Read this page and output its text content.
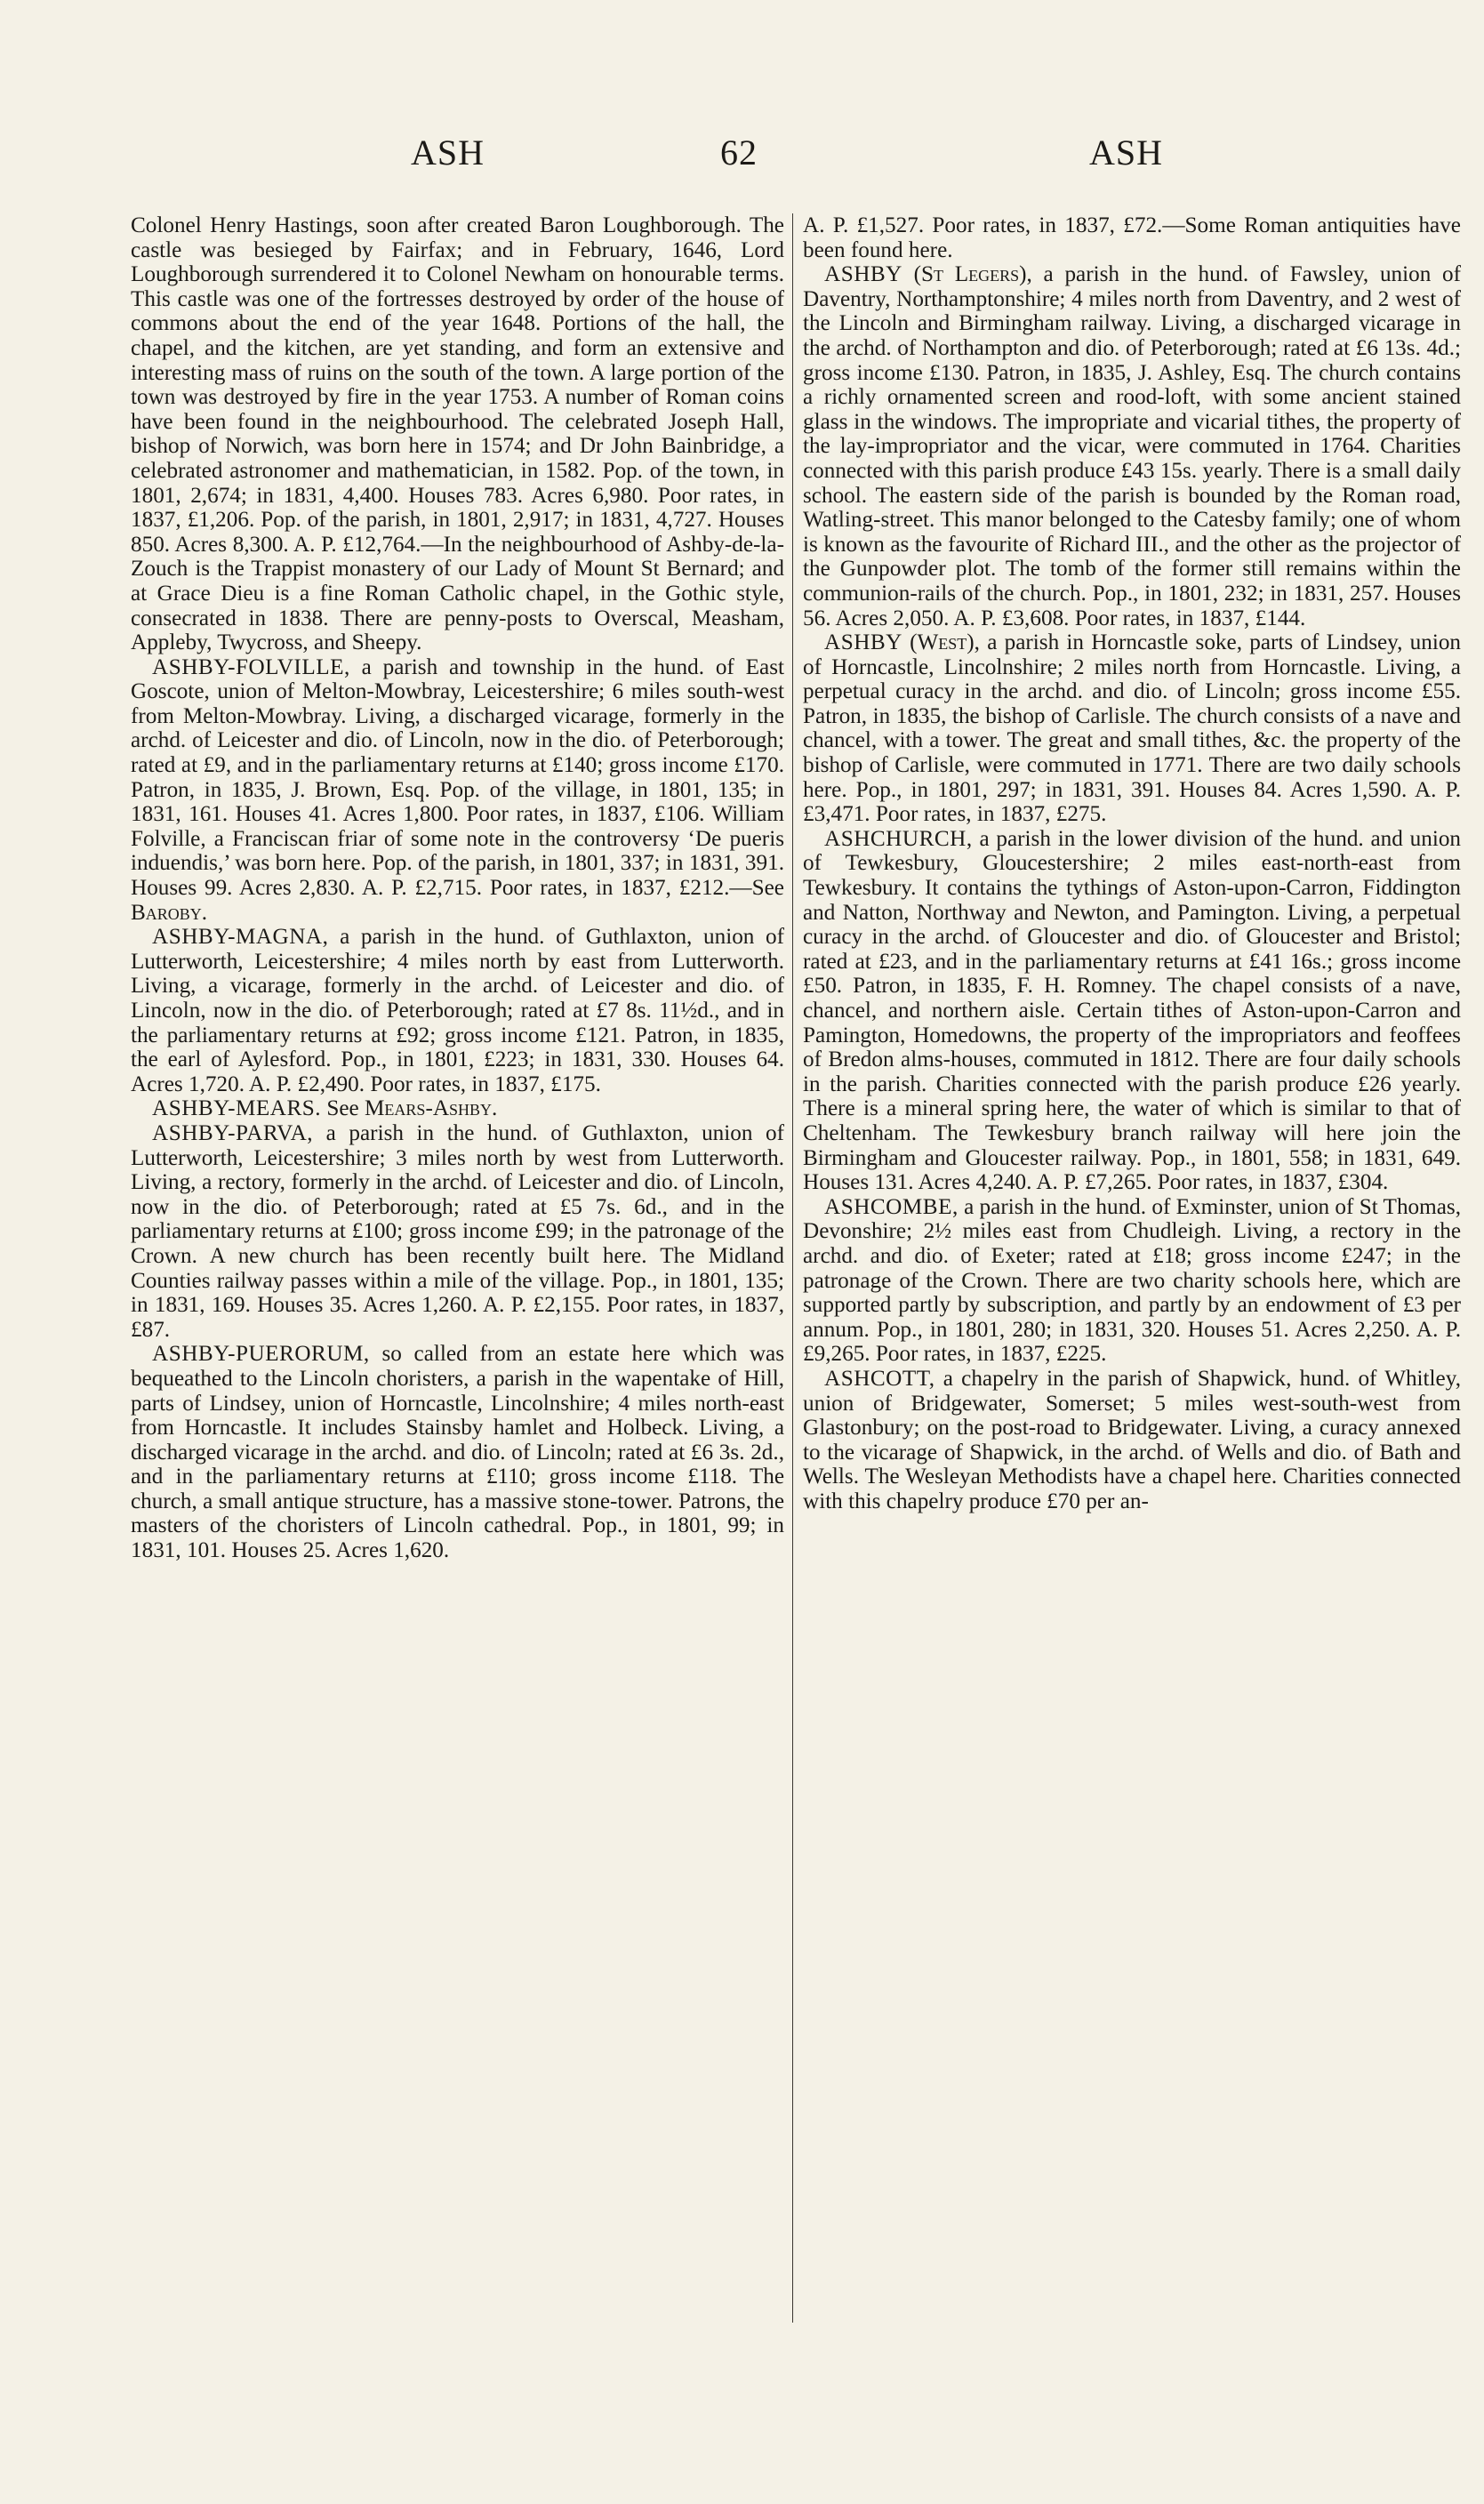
ASH	62	ASH

Colonel Henry Hastings, soon after created Baron Loughborough. The castle was besieged by Fairfax; and in February, 1646, Lord Loughborough surrendered it to Colonel Newham on honourable terms. This castle was one of the fortresses destroyed by order of the house of commons about the end of the year 1648. Portions of the hall, the chapel, and the kitchen, are yet standing, and form an extensive and interesting mass of ruins on the south of the town. A large portion of the town was destroyed by fire in the year 1753. A number of Roman coins have been found in the neighbourhood. The celebrated Joseph Hall, bishop of Norwich, was born here in 1574; and Dr John Bainbridge, a celebrated astronomer and mathematician, in 1582. Pop. of the town, in 1801, 2,674; in 1831, 4,400. Houses 783. Acres 6,980. Poor rates, in 1837, £1,206. Pop. of the parish, in 1801, 2,917; in 1831, 4,727. Houses 850. Acres 8,300. A. P. £12,764.—In the neighbourhood of Ashby-de-la-Zouch is the Trappist monastery of our Lady of Mount St Bernard; and at Grace Dieu is a fine Roman Catholic chapel, in the Gothic style, consecrated in 1838. There are penny-posts to Overscal, Measham, Appleby, Twycross, and Sheepy.

ASHBY-FOLVILLE, a parish and township in the hund. of East Goscote, union of Melton-Mowbray, Leicestershire; 6 miles south-west from Melton-Mowbray. Living, a discharged vicarage, formerly in the archd. of Leicester and dio. of Lincoln, now in the dio. of Peterborough; rated at £9, and in the parliamentary returns at £140; gross income £170. Patron, in 1835, J. Brown, Esq. Pop. of the village, in 1801, 135; in 1831, 161. Houses 41. Acres 1,800. Poor rates, in 1837, £106. William Folville, a Franciscan friar of some note in the controversy ‘De pueris induendis,’ was born here. Pop. of the parish, in 1801, 337; in 1831, 391. Houses 99. Acres 2,830. A. P. £2,715. Poor rates, in 1837, £212.—See Baroby.

ASHBY-MAGNA, a parish in the hund. of Guthlaxton, union of Lutterworth, Leicestershire; 4 miles north by east from Lutterworth. Living, a vicarage, formerly in the archd. of Leicester and dio. of Lincoln, now in the dio. of Peterborough; rated at £7 8s. 11½d., and in the parliamentary returns at £92; gross income £121. Patron, in 1835, the earl of Aylesford. Pop., in 1801, £223; in 1831, 330. Houses 64. Acres 1,720. A. P. £2,490. Poor rates, in 1837, £175.

ASHBY-MEARS. See Mears-Ashby.

ASHBY-PARVA, a parish in the hund. of Guthlaxton, union of Lutterworth, Leicestershire; 3 miles north by west from Lutterworth. Living, a rectory, formerly in the archd. of Leicester and dio. of Lincoln, now in the dio. of Peterborough; rated at £5 7s. 6d., and in the parliamentary returns at £100; gross income £99; in the patronage of the Crown. A new church has been recently built here. The Midland Counties railway passes within a mile of the village. Pop., in 1801, 135; in 1831, 169. Houses 35. Acres 1,260. A. P. £2,155. Poor rates, in 1837, £87.

ASHBY-PUERORUM, so called from an estate here which was bequeathed to the Lincoln choristers, a parish in the wapentake of Hill, parts of Lindsey, union of Horncastle, Lincolnshire; 4 miles north-east from Horncastle. It includes Stainsby hamlet and Holbeck. Living, a discharged vicarage in the archd. and dio. of Lincoln; rated at £6 3s. 2d., and in the parliamentary returns at £110; gross income £118. The church, a small antique structure, has a massive stone-tower. Patrons, the masters of the choristers of Lincoln cathedral. Pop., in 1801, 99; in 1831, 101. Houses 25. Acres 1,620.

A. P. £1,527. Poor rates, in 1837, £72.—Some Roman antiquities have been found here.

ASHBY (St Legers), a parish in the hund. of Fawsley, union of Daventry, Northamptonshire; 4 miles north from Daventry, and 2 west of the Lincoln and Birmingham railway. Living, a discharged vicarage in the archd. of Northampton and dio. of Peterborough; rated at £6 13s. 4d.; gross income £130. Patron, in 1835, J. Ashley, Esq. The church contains a richly ornamented screen and rood-loft, with some ancient stained glass in the windows. The impropriate and vicarial tithes, the property of the lay-impropriator and the vicar, were commuted in 1764. Charities connected with this parish produce £43 15s. yearly. There is a small daily school. The eastern side of the parish is bounded by the Roman road, Watling-street. This manor belonged to the Catesby family; one of whom is known as the favourite of Richard III., and the other as the projector of the Gunpowder plot. The tomb of the former still remains within the communion-rails of the church. Pop., in 1801, 232; in 1831, 257. Houses 56. Acres 2,050. A. P. £3,608. Poor rates, in 1837, £144.

ASHBY (West), a parish in Horncastle soke, parts of Lindsey, union of Horncastle, Lincolnshire; 2 miles north from Horncastle. Living, a perpetual curacy in the archd. and dio. of Lincoln; gross income £55. Patron, in 1835, the bishop of Carlisle. The church consists of a nave and chancel, with a tower. The great and small tithes, &c. the property of the bishop of Carlisle, were commuted in 1771. There are two daily schools here. Pop., in 1801, 297; in 1831, 391. Houses 84. Acres 1,590. A. P. £3,471. Poor rates, in 1837, £275.

ASHCHURCH, a parish in the lower division of the hund. and union of Tewkesbury, Gloucestershire; 2 miles east-north-east from Tewkesbury. It contains the tythings of Aston-upon-Carron, Fiddington and Natton, Northway and Newton, and Pamington. Living, a perpetual curacy in the archd. of Gloucester and dio. of Gloucester and Bristol; rated at £23, and in the parliamentary returns at £41 16s.; gross income £50. Patron, in 1835, F. H. Romney. The chapel consists of a nave, chancel, and northern aisle. Certain tithes of Aston-upon-Carron and Pamington, Homedowns, the property of the impropriators and feoffees of Bredon alms-houses, commuted in 1812. There are four daily schools in the parish. Charities connected with the parish produce £26 yearly. There is a mineral spring here, the water of which is similar to that of Cheltenham. The Tewkesbury branch railway will here join the Birmingham and Gloucester railway. Pop., in 1801, 558; in 1831, 649. Houses 131. Acres 4,240. A. P. £7,265. Poor rates, in 1837, £304.

ASHCOMBE, a parish in the hund. of Exminster, union of St Thomas, Devonshire; 2½ miles east from Chudleigh. Living, a rectory in the archd. and dio. of Exeter; rated at £18; gross income £247; in the patronage of the Crown. There are two charity schools here, which are supported partly by subscription, and partly by an endowment of £3 per annum. Pop., in 1801, 280; in 1831, 320. Houses 51. Acres 2,250. A. P. £9,265. Poor rates, in 1837, £225.

ASHCOTT, a chapelry in the parish of Shapwick, hund. of Whitley, union of Bridgewater, Somerset; 5 miles west-south-west from Glastonbury; on the post-road to Bridgewater. Living, a curacy annexed to the vicarage of Shapwick, in the archd. of Wells and dio. of Bath and Wells. The Wesleyan Methodists have a chapel here. Charities connected with this chapelry produce £70 per an-
